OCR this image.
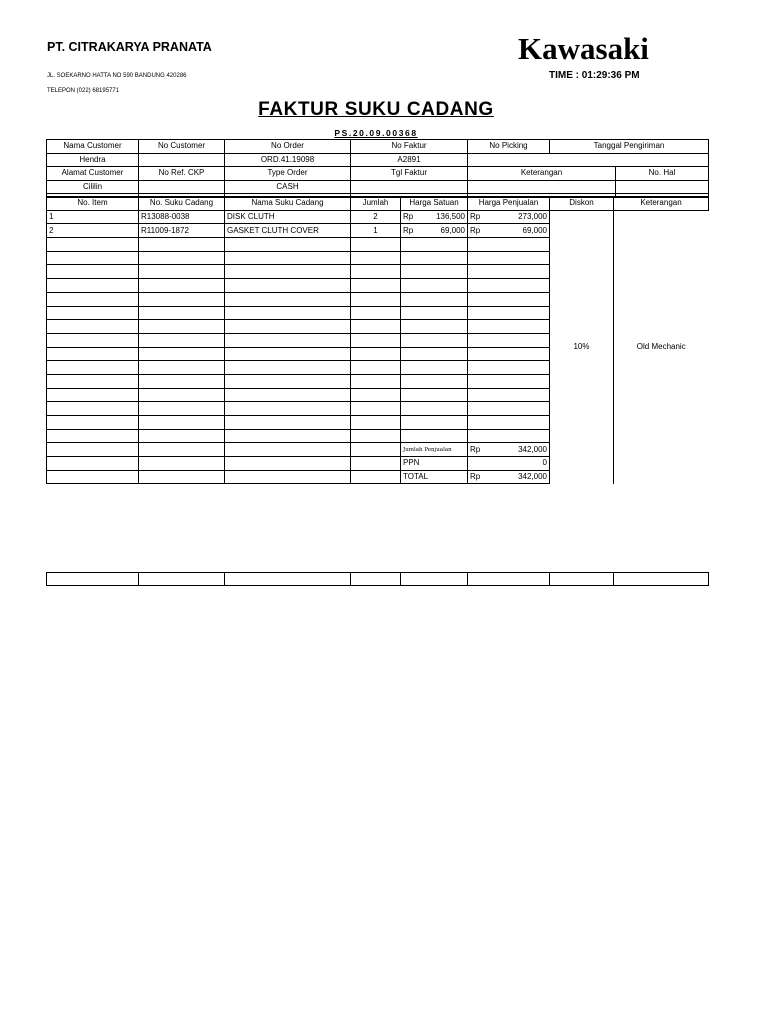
PT. CITRAKARYA PRANATA
JL. SOEKARNO HATTA NO 590 BANDUNG 420286
TELEPON (022) 68195771
Kawasaki
TIME : 01:29:36 PM
FAKTUR SUKU CADANG
PS.20.09.00368
Nama Customer	No Customer	No Order	No Faktur	No Picking	Tanggal Pengiriman	
Hendra		ORD.41.19098	A2891			
Alamat Customer	No Ref. CKP	Type Order	Tgl Faktur	Keterangan		No. Hal
Cililin		CASH				

No. Item	No. Suku Cadang	Nama Suku Cadang	Jumlah	Harga Satuan	Harga Penjualan	Diskon	Keterangan
1	R13088-0038	DISK CLUTH	2	Rp 136,500	Rp 273,000	10%	Old Mechanic
2	R11009-1872	GASKET CLUTH COVER	1	Rp 69,000	Rp 69,000		

				Jumlah Penjualan	Rp 342,000		

				PPN	0		

				TOTAL	Rp 342,000		
